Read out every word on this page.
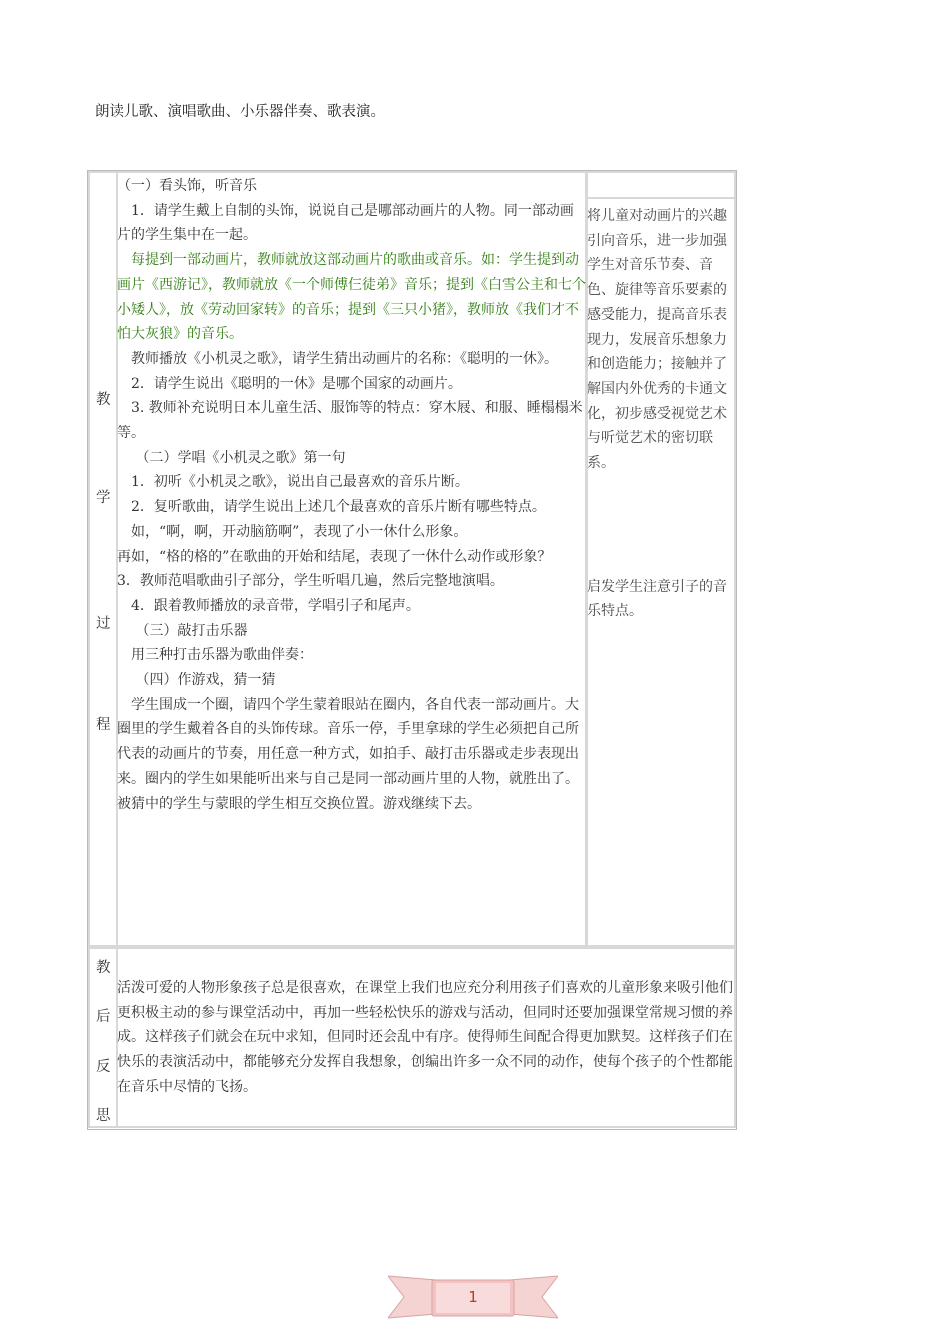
朗读儿歌、演唱歌曲、小乐器伴奏、歌表演。
教
学
过
程

（一）看头饰，听音乐

　1．请学生戴上自制的头饰，说说自己是哪部动画片的人物。同一部动画片的学生集中在一起。

　每提到一部动画片，教师就放这部动画片的歌曲或音乐。如：学生提到动画片《西游记》，教师就放《一个师傅仨徒弟》音乐；提到《白雪公主和七个小矮人》，放《劳动回家转》的音乐；提到《三只小猪》，教师放《我们才不怕大灰狼》的音乐。

　教师播放《小机灵之歌》，请学生猜出动画片的名称：《聪明的一休》。

　2．请学生说出《聪明的一休》是哪个国家的动画片。

　3. 教师补充说明日本儿童生活、服饰等的特点：穿木屐、和服、睡榻榻米等。

　 （二）学唱《小机灵之歌》第一句

　1．初听《小机灵之歌》，说出自己最喜欢的音乐片断。

　2．复听歌曲，请学生说出上述几个最喜欢的音乐片断有哪些特点。

　如，“啊，啊，开动脑筋啊”，表现了小一休什么形象。

再如，“格的格的”在歌曲的开始和结尾，表现了一休什么动作或形象？

3．教师范唱歌曲引子部分，学生听唱几遍，然后完整地演唱。

　4．跟着教师播放的录音带，学唱引子和尾声。

　 （三）敲打击乐器

　用三种打击乐器为歌曲伴奏：

　 （四）作游戏，猜一猜

　学生围成一个圈，请四个学生蒙着眼站在圈内，各自代表一部动画片。大圈里的学生戴着各自的头饰传球。音乐一停，手里拿球的学生必须把自己所代表的动画片的节奏，用任意一种方式，如拍手、敲打击乐器或走步表现出来。圈内的学生如果能听出来与自己是同一部动画片里的人物，就胜出了。被猜中的学生与蒙眼的学生相互交换位置。游戏继续下去。

将儿童对动画片的兴趣引向音乐，进一步加强学生对音乐节奏、音色、旋律等音乐要素的感受能力，提高音乐表现力，发展音乐想象力和创造能力；接触并了解国内外优秀的卡通文化，初步感受视觉艺术与听觉艺术的密切联系。

启发学生注意引子的音乐特点。

教
后
反
思

活泼可爱的人物形象孩子总是很喜欢，在课堂上我们也应充分利用孩子们喜欢的儿童形象来吸引他们更积极主动的参与课堂活动中，再加一些轻松快乐的游戏与活动，但同时还要加强课堂常规习惯的养成。这样孩子们就会在玩中求知，但同时还会乱中有序。使得师生间配合得更加默契。这样孩子们在快乐的表演活动中，都能够充分发挥自我想象，创编出许多一众不同的动作，使每个孩子的个性都能在音乐中尽情的飞扬。

1
